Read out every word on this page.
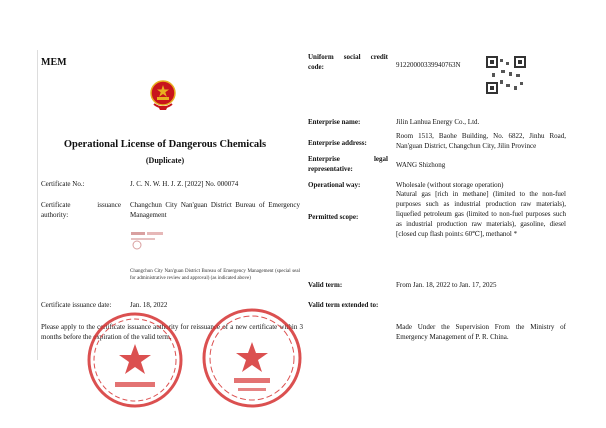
MEM
Operational License of Dangerous Chemicals
(Duplicate)
Certificate No.:	J. C. N. W. H. J. Z. [2022] No. 000074
Certificate issuance authority:
Changchun City Nan'guan District Bureau of Emergency Management
Changchun City Nan'guan District Bureau of Emergency Management (special seal for administrative review and approval) (as indicated above)
Certificate issuance date:	Jan. 18, 2022
Please apply to the certificate issuance authority for reissuance of a new certificate within 3 months before the expiration of the valid term.
Uniform social credit code:	91220000339940763N
Enterprise name:	Jilin Lanhua Energy Co., Ltd.
Enterprise address:
Room 1513, Baohe Building, No. 6822, Jinhu Road, Nan'guan District, Changchun City, Jilin Province
Enterprise legal representative:	WANG Shizhong
Operational way:	Wholesale (without storage operation)
Permitted scope:
Natural gas [rich in methane] (limited to the non-fuel purposes such as industrial production raw materials), liquefied petroleum gas (limited to non-fuel purposes such as industrial production raw materials), gasoline, diesel [closed cup flash point≤ 60℃], methanol *
Valid term:	From Jan. 18, 2022 to Jan. 17, 2025
Valid term extended to:
Made Under the Supervision From the Ministry of Emergency Management of P. R. China.
